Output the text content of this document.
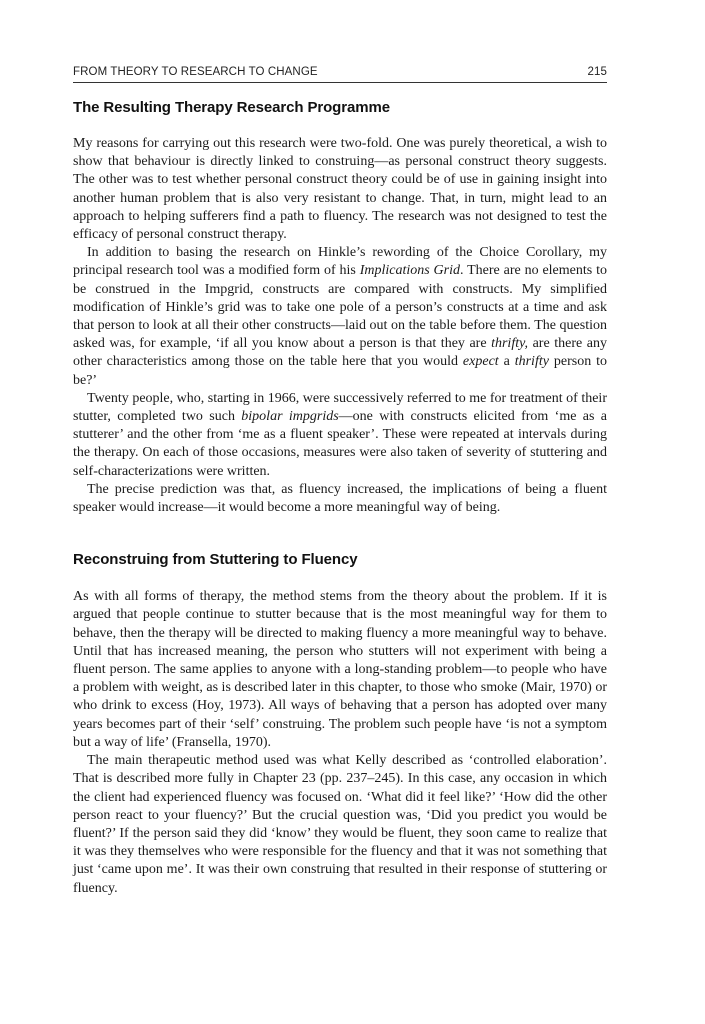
FROM THEORY TO RESEARCH TO CHANGE	215
The Resulting Therapy Research Programme

My reasons for carrying out this research were two-fold. One was purely theoretical, a wish to show that behaviour is directly linked to construing—as personal construct theory suggests. The other was to test whether personal construct theory could be of use in gaining insight into another human problem that is also very resistant to change. That, in turn, might lead to an approach to helping sufferers find a path to fluency. The research was not designed to test the efficacy of personal construct therapy.

In addition to basing the research on Hinkle’s rewording of the Choice Corollary, my principal research tool was a modified form of his Implications Grid. There are no elements to be construed in the Impgrid, constructs are compared with constructs. My simplified modification of Hinkle’s grid was to take one pole of a person’s constructs at a time and ask that person to look at all their other constructs—laid out on the table before them. The question asked was, for example, ‘if all you know about a person is that they are thrifty, are there any other characteristics among those on the table here that you would expect a thrifty person to be?’

Twenty people, who, starting in 1966, were successively referred to me for treatment of their stutter, completed two such bipolar impgrids—one with constructs elicited from ‘me as a stutterer’ and the other from ‘me as a fluent speaker’. These were repeated at intervals during the therapy. On each of those occasions, measures were also taken of severity of stuttering and self-characterizations were written.

The precise prediction was that, as fluency increased, the implications of being a fluent speaker would increase—it would become a more meaningful way of being.

Reconstruing from Stuttering to Fluency

As with all forms of therapy, the method stems from the theory about the problem. If it is argued that people continue to stutter because that is the most meaningful way for them to behave, then the therapy will be directed to making fluency a more meaningful way to behave. Until that has increased meaning, the person who stutters will not experiment with being a fluent person. The same applies to anyone with a long-standing problem—to people who have a problem with weight, as is described later in this chapter, to those who smoke (Mair, 1970) or who drink to excess (Hoy, 1973). All ways of behaving that a person has adopted over many years becomes part of their ‘self’ construing. The problem such people have ‘is not a symptom but a way of life’ (Fransella, 1970).

The main therapeutic method used was what Kelly described as ‘controlled elaboration’. That is described more fully in Chapter 23 (pp. 237–245). In this case, any occasion in which the client had experienced fluency was focused on. ‘What did it feel like?’ ‘How did the other person react to your fluency?’ But the crucial question was, ‘Did you predict you would be fluent?’ If the person said they did ‘know’ they would be fluent, they soon came to realize that it was they themselves who were responsible for the fluency and that it was not something that just ‘came upon me’. It was their own construing that resulted in their response of stuttering or fluency.
